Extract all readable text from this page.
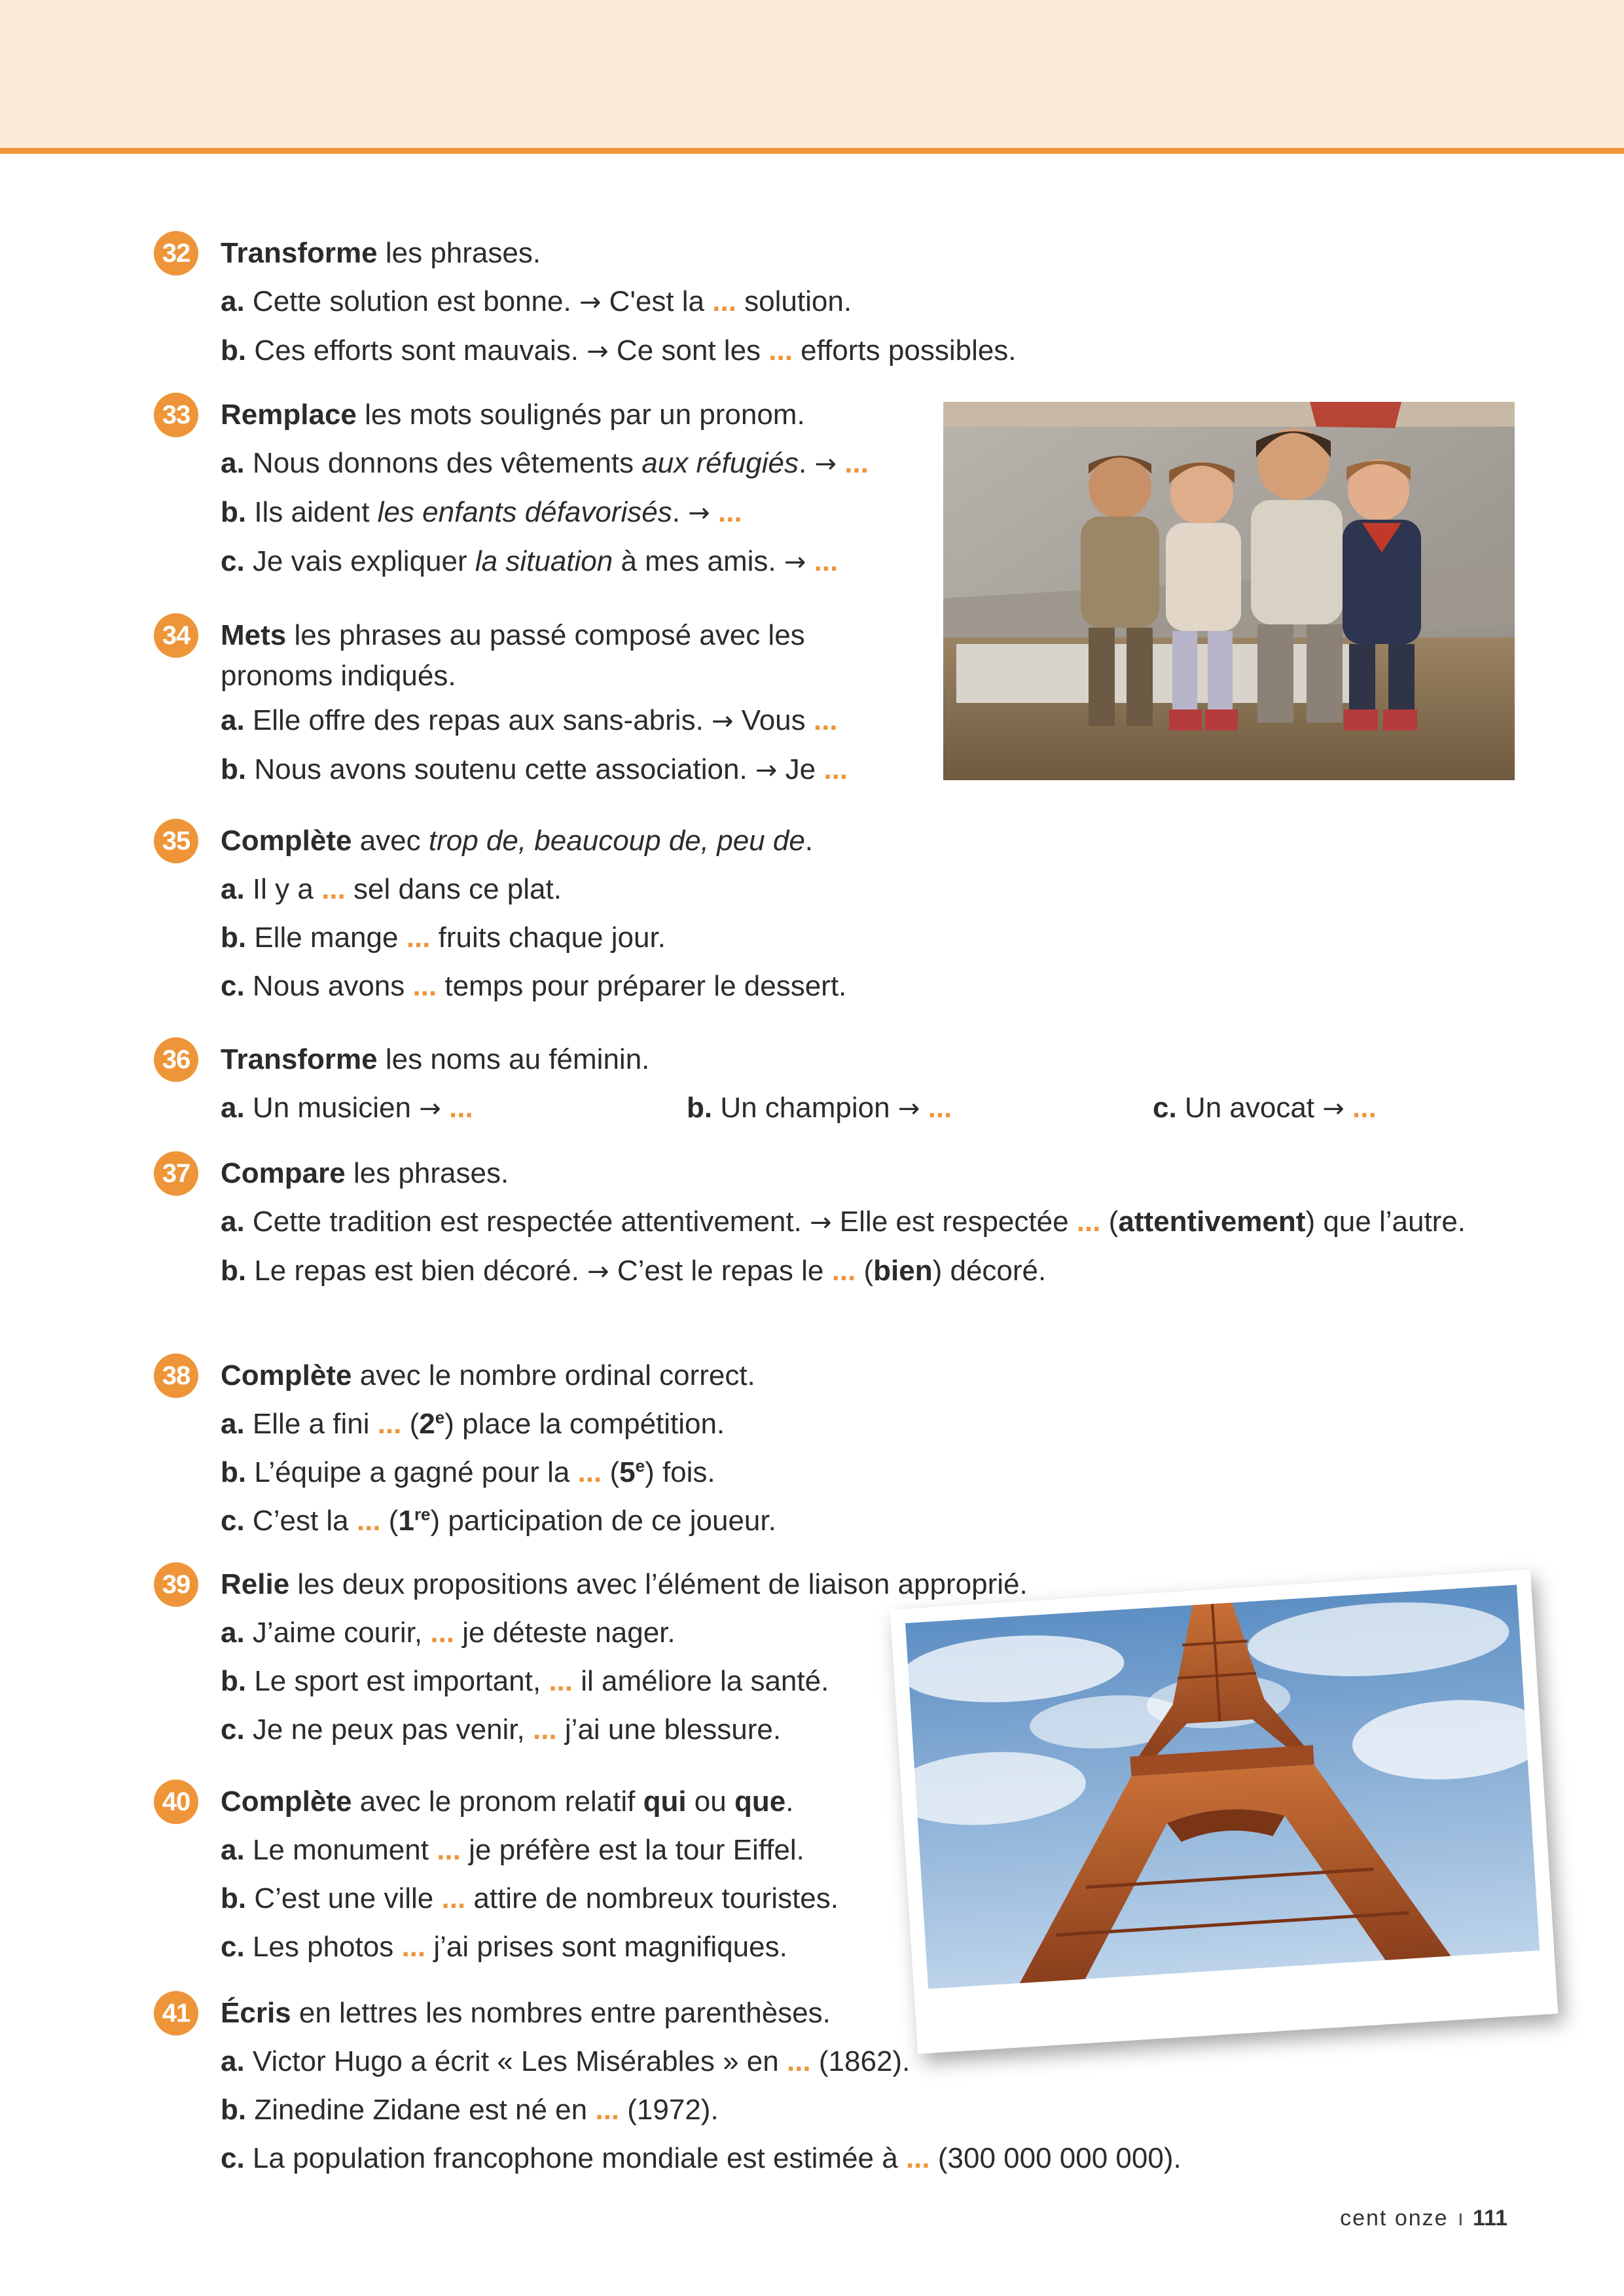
32 Transforme les phrases.
a. Cette solution est bonne. → C'est la ... solution.
b. Ces efforts sont mauvais. → Ce sont les ... efforts possibles.
33 Remplace les mots soulignés par un pronom.
a. Nous donnons des vêtements aux réfugiés. → ...
b. Ils aident les enfants défavorisés. → ...
c. Je vais expliquer la situation à mes amis. → ...
34 Mets les phrases au passé composé avec les
pronoms indiqués.
a. Elle offre des repas aux sans-abris. → Vous ...
b. Nous avons soutenu cette association. → Je ...
35 Complète avec trop de, beaucoup de, peu de.
a. Il y a ... sel dans ce plat.
b. Elle mange ... fruits chaque jour.
c. Nous avons ... temps pour préparer le dessert.
36 Transforme les noms au féminin.
a. Un musicien → ...	b. Un champion → ...	c. Un avocat → ...
37 Compare les phrases.
a. Cette tradition est respectée attentivement. → Elle est respectée ... (attentivement) que l’autre.
b. Le repas est bien décoré. → C’est le repas le ... (bien) décoré.
38 Complète avec le nombre ordinal correct.
a. Elle a fini ... (2e) place la compétition.
b. L’équipe a gagné pour la ... (5e) fois.
c. C’est la ... (1re) participation de ce joueur.
39 Relie les deux propositions avec l’élément de liaison approprié.
a. J’aime courir, ... je déteste nager.
b. Le sport est important, ... il améliore la santé.
c. Je ne peux pas venir, ... j’ai une blessure.
40 Complète avec le pronom relatif qui ou que.
a. Le monument ... je préfère est la tour Eiffel.
b. C’est une ville ... attire de nombreux touristes.
c. Les photos ... j’ai prises sont magnifiques.
41 Écris en lettres les nombres entre parenthèses.
a. Victor Hugo a écrit « Les Misérables » en ... (1862).
b. Zinedine Zidane est né en ... (1972).
c. La population francophone mondiale est estimée à ... (300 000 000 000).
cent onze ı 111
